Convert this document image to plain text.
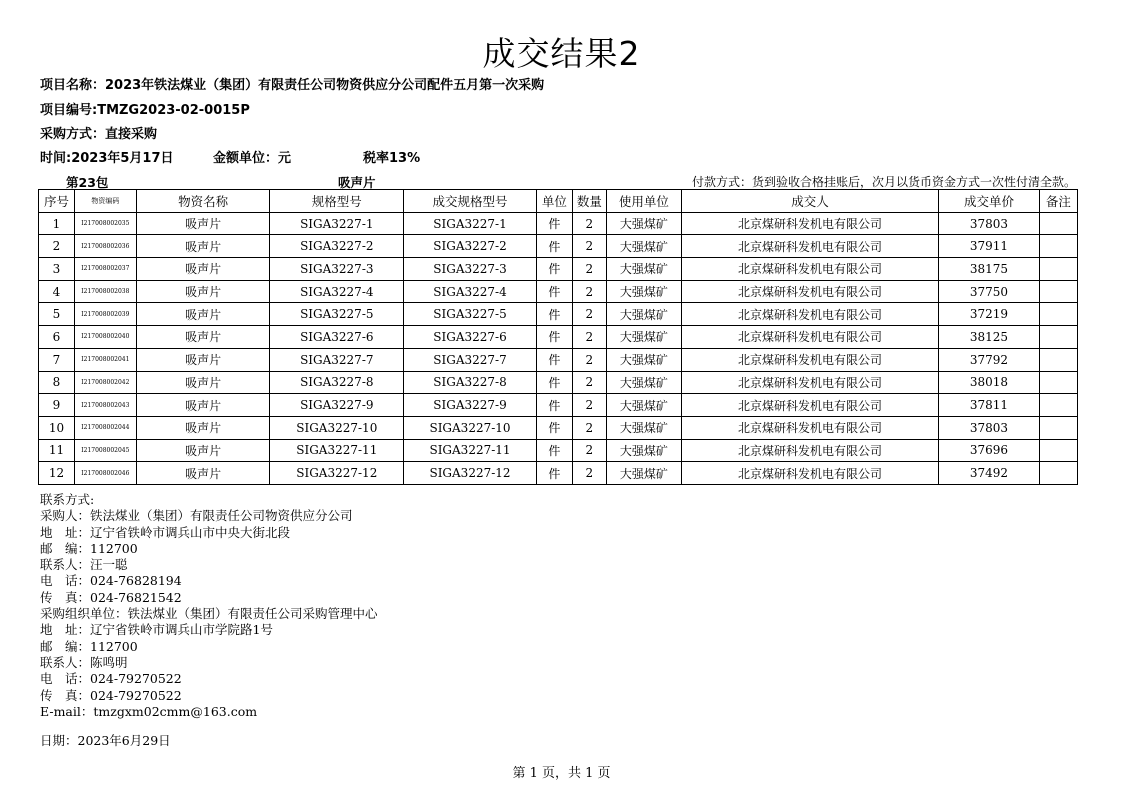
成交结果2
项目名称：2023年铁法煤业（集团）有限责任公司物资供应分公司配件五月第一次采购
项目编号:TMZG2023-02-0015P
采购方式：直接采购
时间:2023年5月17日	金额单位：元	税率13%
第23包	吸声片	付款方式：货到验收合格挂账后，次月以货币资金方式一次性付清全款。
序号	物资编码	物资名称	规格型号	成交规格型号	单位	数量	使用单位	成交人	成交单价	备注
1	I217008002035	吸声片	SIGA3227-1	SIGA3227-1	件	2	大强煤矿	北京煤研科发机电有限公司	37803	
2	I217008002036	吸声片	SIGA3227-2	SIGA3227-2	件	2	大强煤矿	北京煤研科发机电有限公司	37911	
3	I217008002037	吸声片	SIGA3227-3	SIGA3227-3	件	2	大强煤矿	北京煤研科发机电有限公司	38175	
4	I217008002038	吸声片	SIGA3227-4	SIGA3227-4	件	2	大强煤矿	北京煤研科发机电有限公司	37750	
5	I217008002039	吸声片	SIGA3227-5	SIGA3227-5	件	2	大强煤矿	北京煤研科发机电有限公司	37219	
6	I217008002040	吸声片	SIGA3227-6	SIGA3227-6	件	2	大强煤矿	北京煤研科发机电有限公司	38125	
7	I217008002041	吸声片	SIGA3227-7	SIGA3227-7	件	2	大强煤矿	北京煤研科发机电有限公司	37792	
8	I217008002042	吸声片	SIGA3227-8	SIGA3227-8	件	2	大强煤矿	北京煤研科发机电有限公司	38018	
9	I217008002043	吸声片	SIGA3227-9	SIGA3227-9	件	2	大强煤矿	北京煤研科发机电有限公司	37811	
10	I217008002044	吸声片	SIGA3227-10	SIGA3227-10	件	2	大强煤矿	北京煤研科发机电有限公司	37803	
11	I217008002045	吸声片	SIGA3227-11	SIGA3227-11	件	2	大强煤矿	北京煤研科发机电有限公司	37696	
12	I217008002046	吸声片	SIGA3227-12	SIGA3227-12	件	2	大强煤矿	北京煤研科发机电有限公司	37492	
联系方式:
采购人：铁法煤业（集团）有限责任公司物资供应分公司
地　址：辽宁省铁岭市调兵山市中央大街北段
邮　编：112700
联系人：汪一聪
电　话：024-76828194
传　真：024-76821542
采购组织单位：铁法煤业（集团）有限责任公司采购管理中心
地　址：辽宁省铁岭市调兵山市学院路1号
邮　编：112700
联系人：陈鸣明
电　话：024-79270522
传　真：024-79270522
E-mail：tmzgxm02cmm@163.com
日期：2023年6月29日
第 1 页，共 1 页
